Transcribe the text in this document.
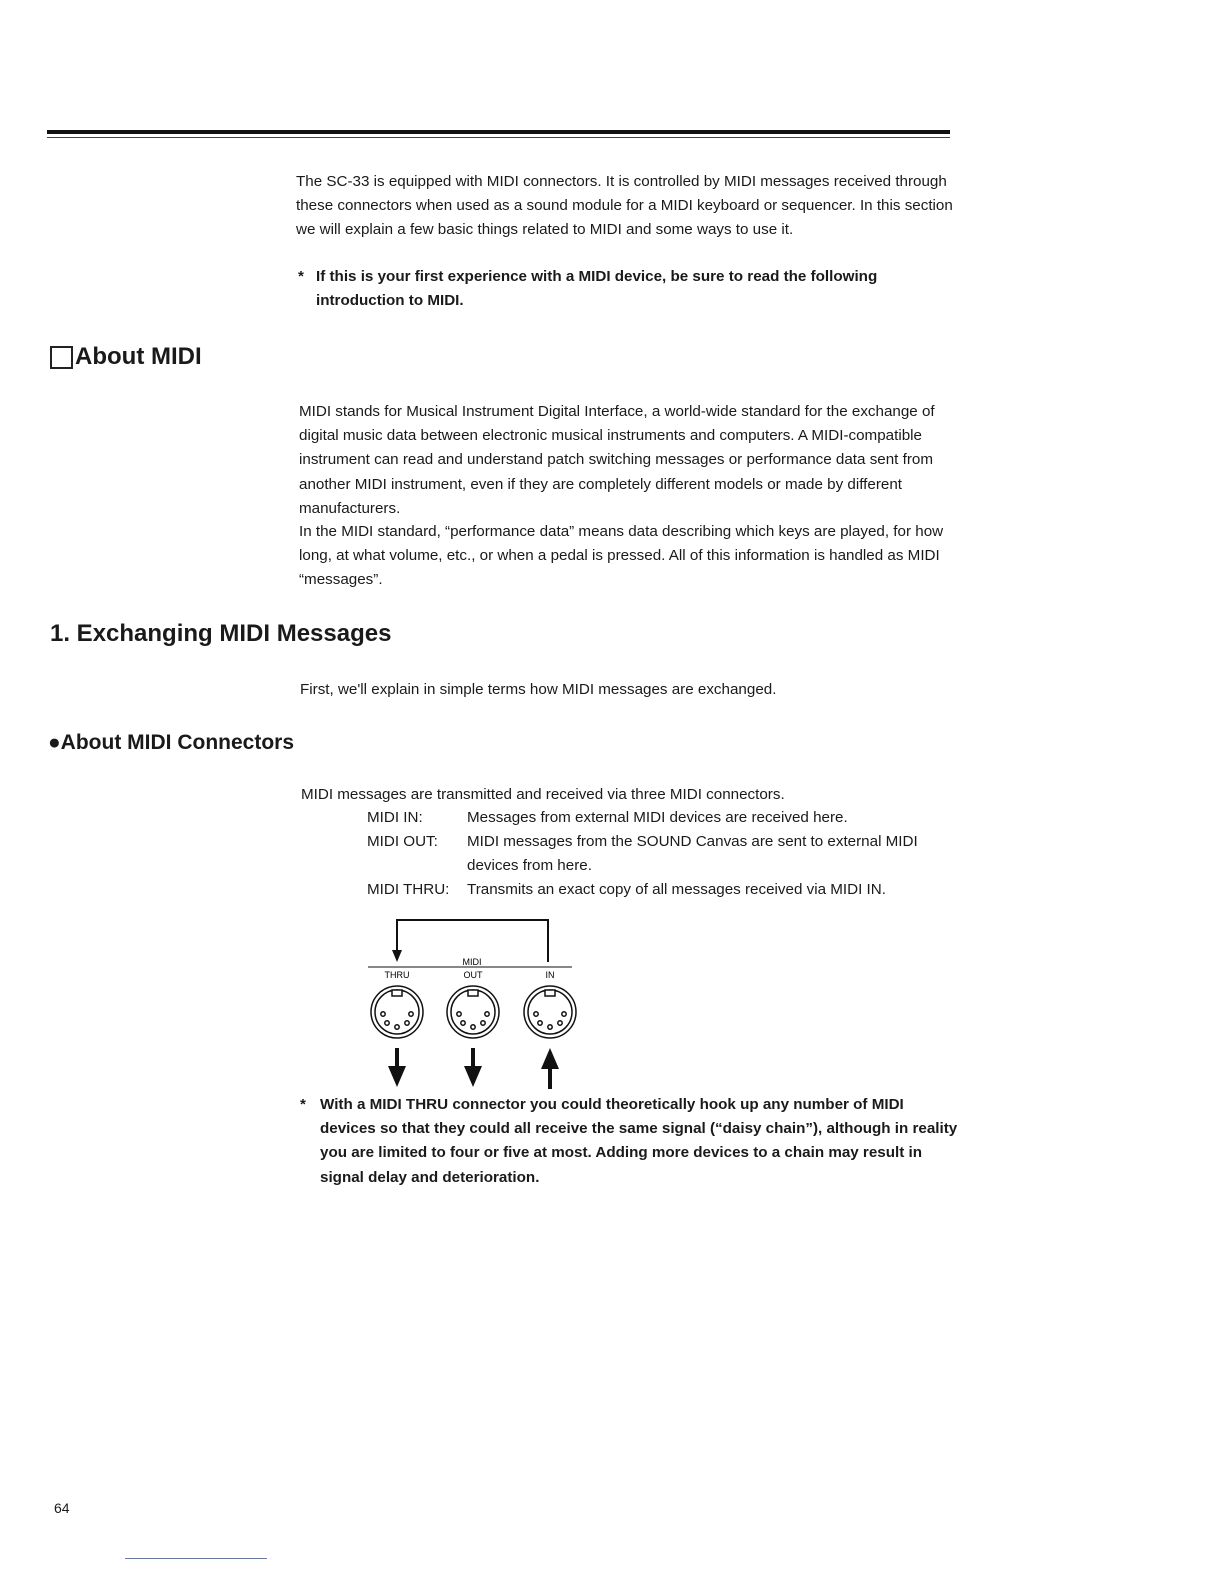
The SC-33 is equipped with MIDI connectors. It is controlled by MIDI messages received through these connectors when used as a sound module for a MIDI keyboard or sequencer. In this section we will explain a few basic things related to MIDI and some ways to use it.

* If this is your first experience with a MIDI device, be sure to read the following introduction to MIDI.
About MIDI

MIDI stands for Musical Instrument Digital Interface, a world-wide standard for the exchange of digital music data between electronic musical instruments and computers. A MIDI-compatible instrument can read and understand patch switching messages or performance data sent from another MIDI instrument, even if they are completely different models or made by different manufacturers.

In the MIDI standard, “performance data” means data describing which keys are played, for how long, at what volume, etc., or when a pedal is pressed. All of this information is handled as MIDI “messages”.

1. Exchanging MIDI Messages

First, we'll explain in simple terms how MIDI messages are exchanged.

●About MIDI Connectors

MIDI messages are transmitted and received via three MIDI connectors.

MIDI IN:	Messages from external MIDI devices are received here.
MIDI OUT:	MIDI messages from the SOUND Canvas are sent to external MIDI devices from here.
MIDI THRU:	Transmits an exact copy of all messages received via MIDI IN.
MIDI
THRU	OUT	IN
* With a MIDI THRU connector you could theoretically hook up any number of MIDI devices so that they could all receive the same signal (“daisy chain”), although in reality you are limited to four or five at most. Adding more devices to a chain may result in signal delay and deterioration.

64
